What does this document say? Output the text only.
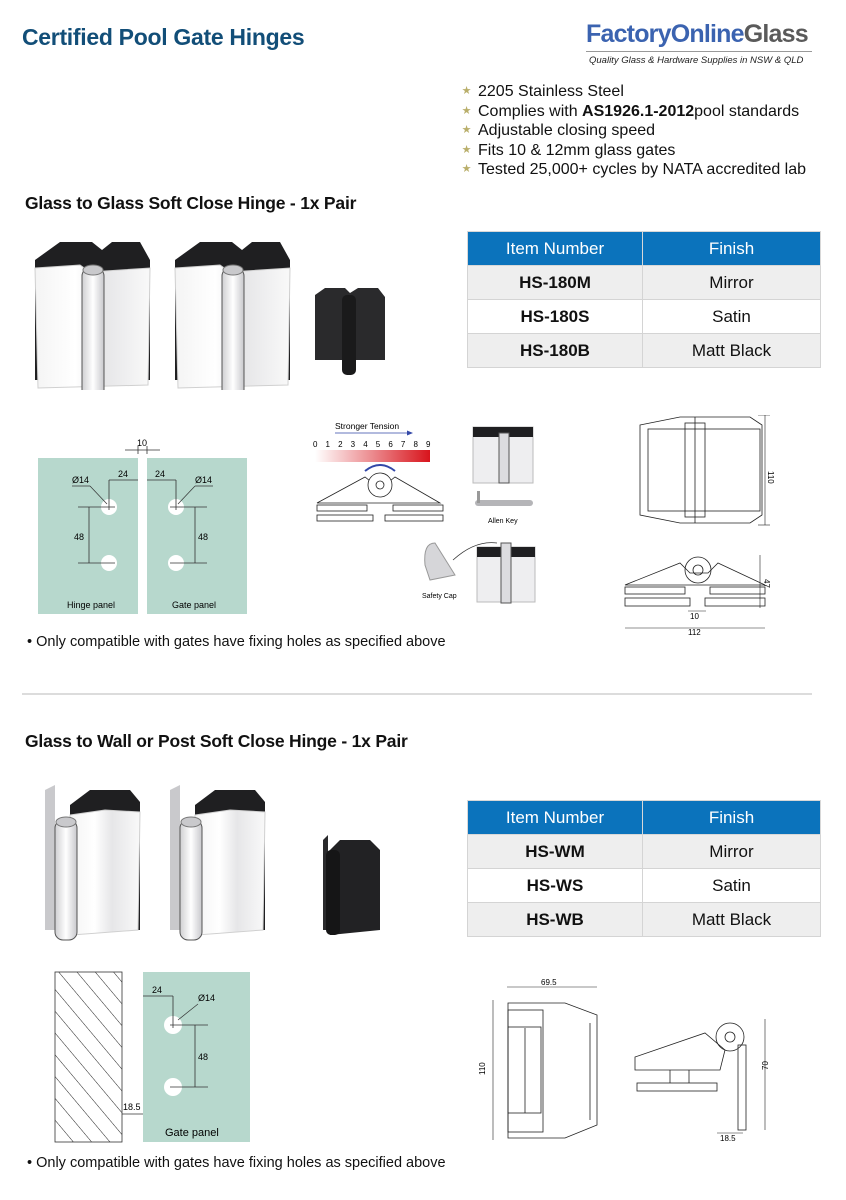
Certified Pool Gate Hinges	FactoryOnlineGlass
Quality Glass & Hardware Supplies in NSW & QLD
★ 2205 Stainless Steel
★ Complies with
AS1926.1-2012 pool standards
★ Adjustable closing speed
★ Fits 10 & 12mm glass gates
★ Tested 25,000+ cycles by NATA accredited lab
Glass to Glass Soft Close Hinge - 1x Pair
Item Number	Finish
HS-180M	Mirror
HS-180S	Satin
HS-180B	Matt Black
10
24	24
Ø14	Ø14
48	48
Hinge panel	Gate panel
Stronger Tension
0 1 2 3 4 5 6 7 8 9
Allen Key
Safety Cap
110
47
10
112
• Only compatible with gates have fixing holes as specified above
Glass to Wall or Post Soft Close Hinge - 1x Pair
Item Number	Finish
HS-WM	Mirror
HS-WS	Satin
HS-WB	Matt Black
24
Ø14
48
18.5
Gate panel
69.5
110	70
18.5
• Only compatible with gates have fixing holes as specified above
